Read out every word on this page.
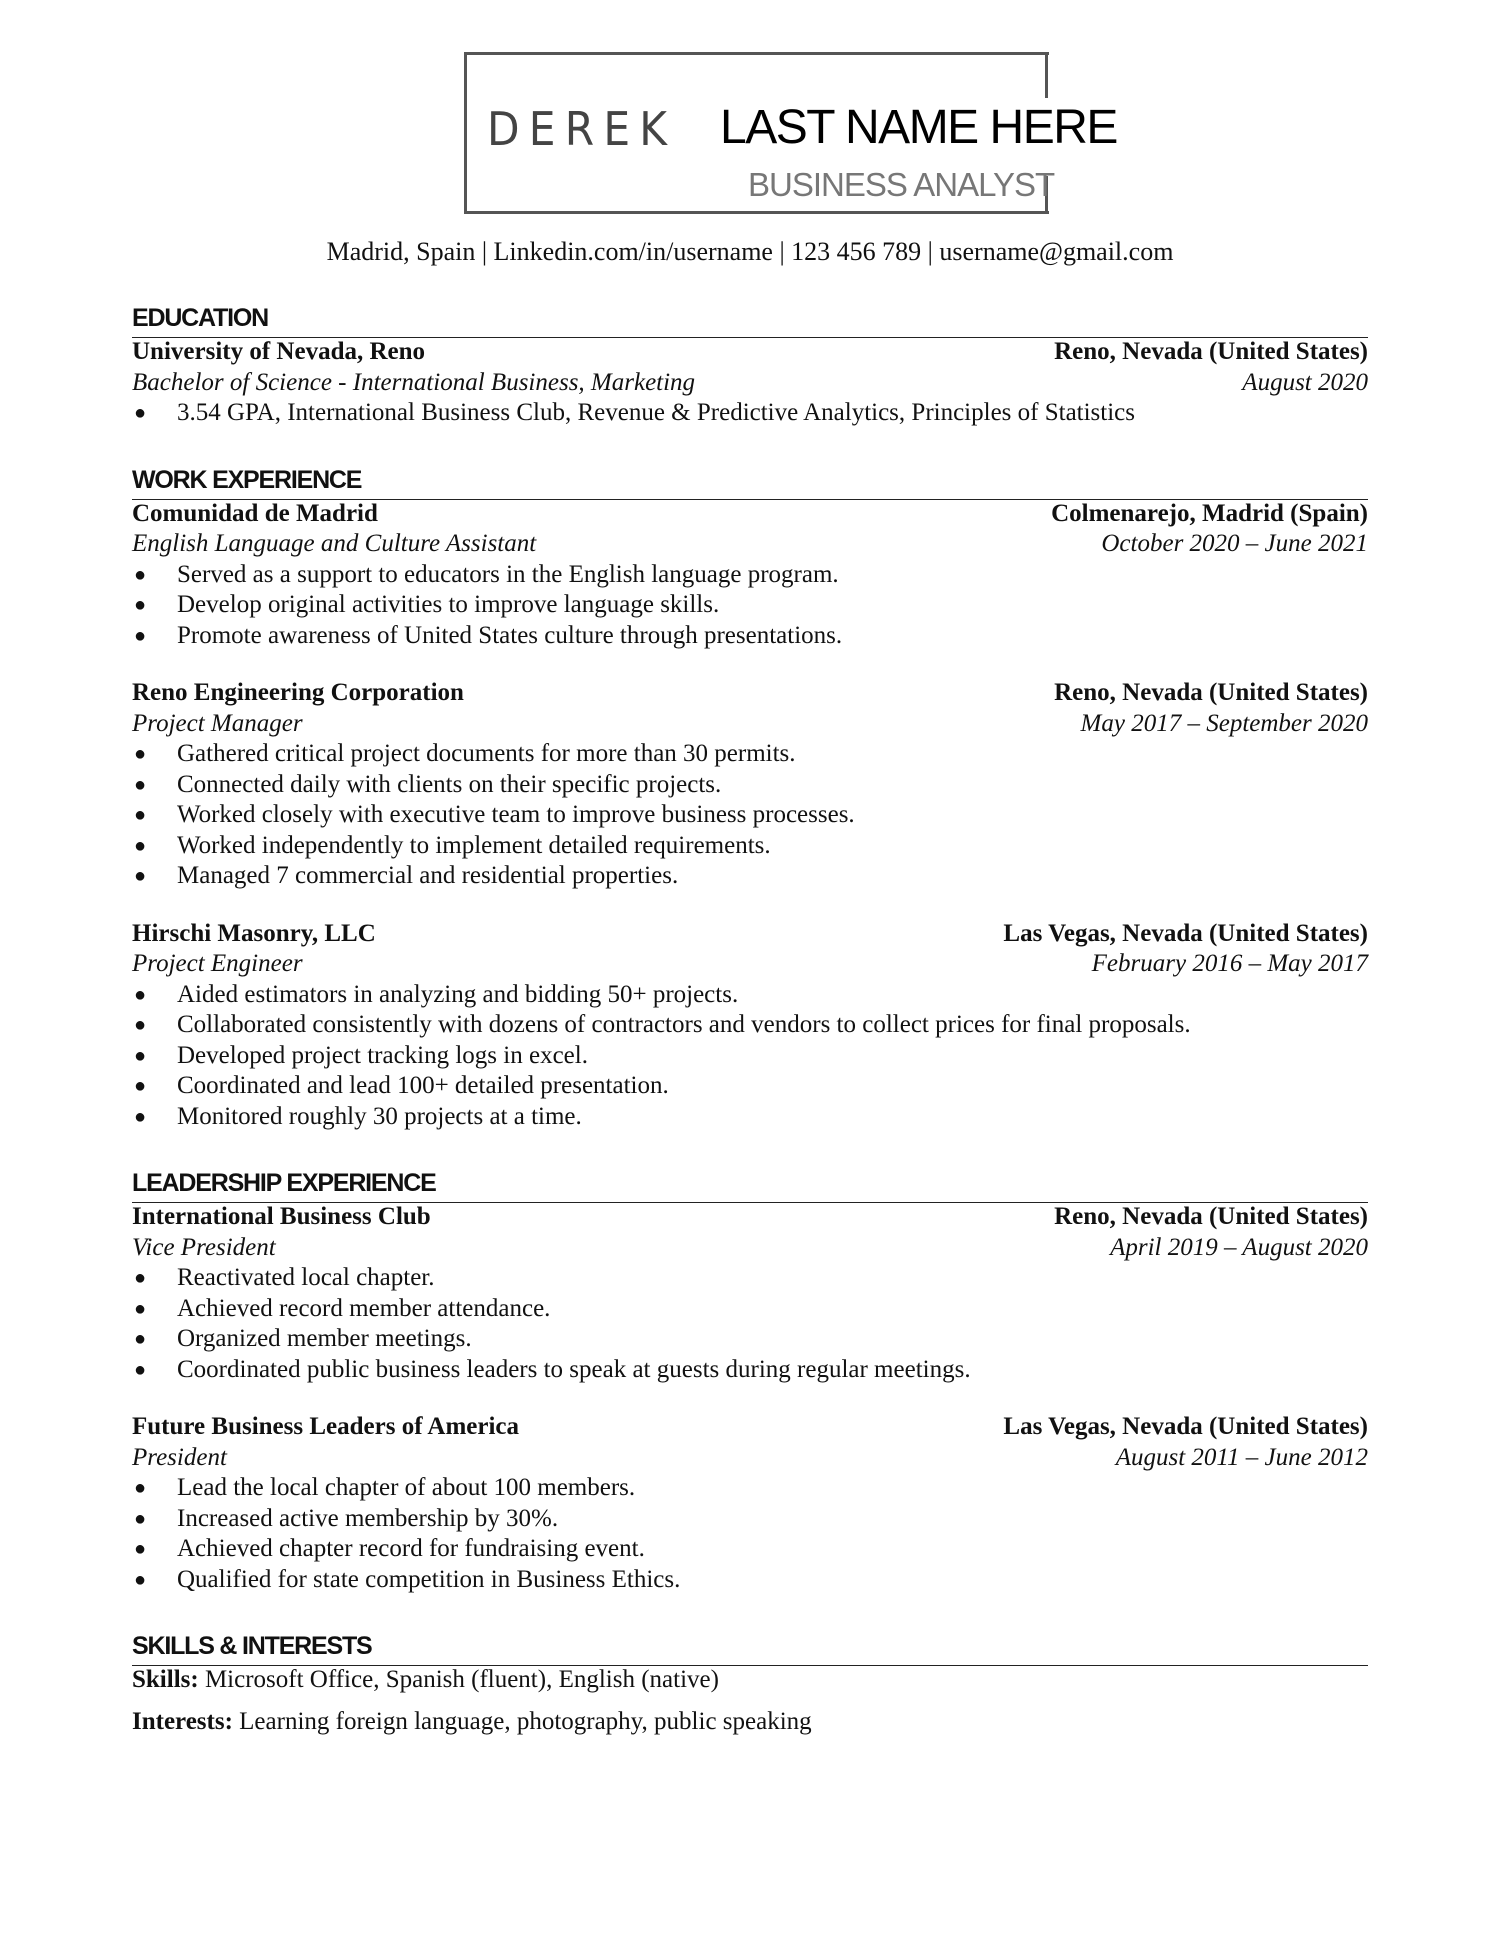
DEREK LAST NAME HERE
BUSINESS ANALYST
Madrid, Spain | Linkedin.com/in/username | 123 456 789 | username@gmail.com
EDUCATION
University of Nevada, Reno	Reno, Nevada (United States)
Bachelor of Science - International Business, Marketing	August 2020
● 3.54 GPA, International Business Club, Revenue & Predictive Analytics, Principles of Statistics
WORK EXPERIENCE
Comunidad de Madrid	Colmenarejo, Madrid (Spain)
English Language and Culture Assistant	October 2020 – June 2021
● Served as a support to educators in the English language program.
● Develop original activities to improve language skills.
● Promote awareness of United States culture through presentations.
Reno Engineering Corporation	Reno, Nevada (United States)
Project Manager	May 2017 – September 2020
● Gathered critical project documents for more than 30 permits.
● Connected daily with clients on their specific projects.
● Worked closely with executive team to improve business processes.
● Worked independently to implement detailed requirements.
● Managed 7 commercial and residential properties.
Hirschi Masonry, LLC	Las Vegas, Nevada (United States)
Project Engineer	February 2016 – May 2017
● Aided estimators in analyzing and bidding 50+ projects.
● Collaborated consistently with dozens of contractors and vendors to collect prices for final proposals.
● Developed project tracking logs in excel.
● Coordinated and lead 100+ detailed presentation.
● Monitored roughly 30 projects at a time.
LEADERSHIP EXPERIENCE
International Business Club	Reno, Nevada (United States)
Vice President	April 2019 – August 2020
● Reactivated local chapter.
● Achieved record member attendance.
● Organized member meetings.
● Coordinated public business leaders to speak at guests during regular meetings.
Future Business Leaders of America	Las Vegas, Nevada (United States)
President	August 2011 – June 2012
● Lead the local chapter of about 100 members.
● Increased active membership by 30%.
● Achieved chapter record for fundraising event.
● Qualified for state competition in Business Ethics.
SKILLS & INTERESTS

Skills: Microsoft Office, Spanish (fluent), English (native)

Interests: Learning foreign language, photography, public speaking
